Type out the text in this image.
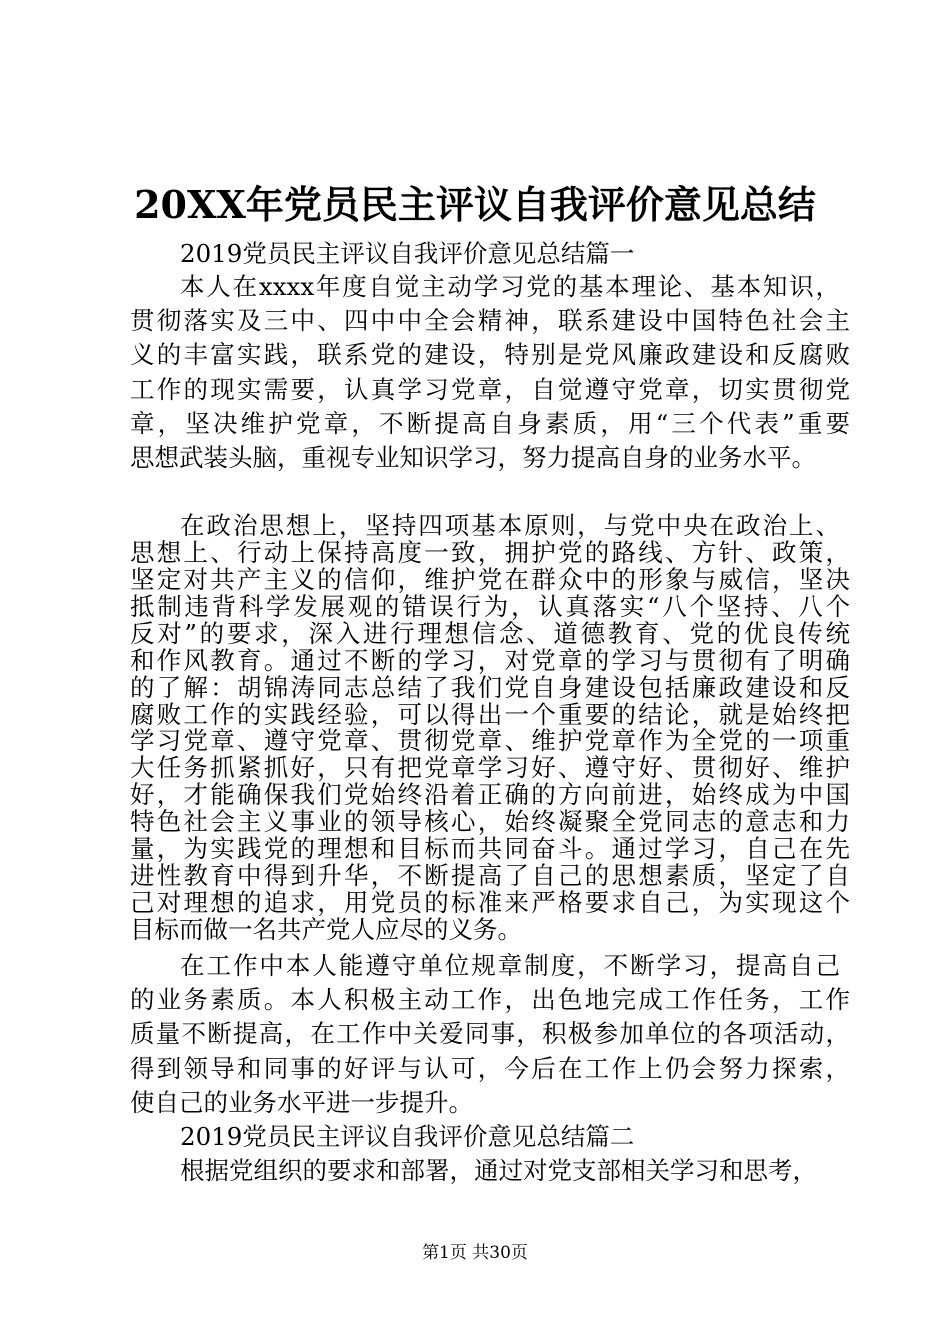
20XX年党员民主评议自我评价意见总结
2019党员民主评议自我评价意见总结篇一
本人在xxxx年度自觉主动学习党的基本理论、基本知识，
贯彻落实及三中、四中中全会精神，联系建设中国特色社会主
义的丰富实践，联系党的建设，特别是党风廉政建设和反腐败
工作的现实需要，认真学习党章，自觉遵守党章，切实贯彻党
章，坚决维护党章，不断提高自身素质，用“三个代表”重要
思想武装头脑，重视专业知识学习，努力提高自身的业务水平。
在政治思想上，坚持四项基本原则，与党中央在政治上、
思想上、行动上保持高度一致，拥护党的路线、方针、政策，
坚定对共产主义的信仰，维护党在群众中的形象与威信，坚决
抵制违背科学发展观的错误行为，认真落实“八个坚持、八个
反对”的要求，深入进行理想信念、道德教育、党的优良传统
和作风教育。通过不断的学习，对党章的学习与贯彻有了明确
的了解：胡锦涛同志总结了我们党自身建设包括廉政建设和反
腐败工作的实践经验，可以得出一个重要的结论，就是始终把
学习党章、遵守党章、贯彻党章、维护党章作为全党的一项重
大任务抓紧抓好，只有把党章学习好、遵守好、贯彻好、维护
好，才能确保我们党始终沿着正确的方向前进，始终成为中国
特色社会主义事业的领导核心，始终凝聚全党同志的意志和力
量，为实践党的理想和目标而共同奋斗。通过学习，自己在先
进性教育中得到升华，不断提高了自己的思想素质，坚定了自
己对理想的追求，用党员的标准来严格要求自己，为实现这个
目标而做一名共产党人应尽的义务。
在工作中本人能遵守单位规章制度，不断学习，提高自己
的业务素质。本人积极主动工作，出色地完成工作任务，工作
质量不断提高，在工作中关爱同事，积极参加单位的各项活动，
得到领导和同事的好评与认可，今后在工作上仍会努力探索，
使自己的业务水平进一步提升。
2019党员民主评议自我评价意见总结篇二
根据党组织的要求和部署，通过对党支部相关学习和思考，
第1页 共30页
